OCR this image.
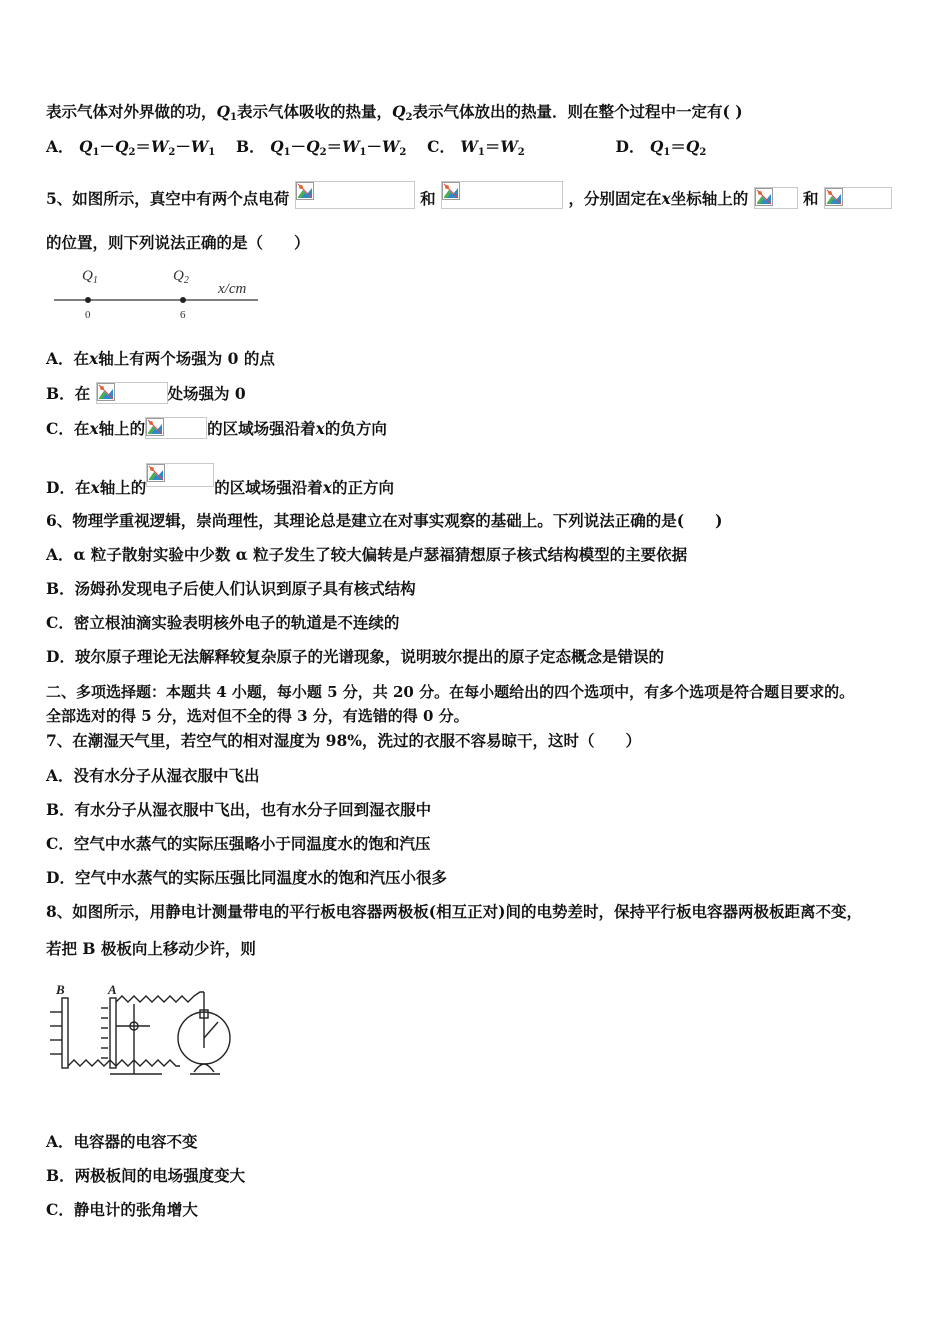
表示气体对外界做的功，$Q_1$表示气体吸收的热量，$Q_2$表示气体放出的热量．则在整个过程中一定有( )
A． $Q_1-Q_2=W_2-W_1$ B． $Q_1-Q_2=W_1-W_2$ C． $W_1=W_2$	D． $Q_1=Q_2$
5、如图所示，真空中有两个点电荷	和	，分别固定在x坐标轴上的	和
的位置，则下列说法正确的是（　　）
$Q_1$	$Q_2$
x/cm
0	6
A．在x轴上有两个场强为 0 的点
B．在	处场强为 0
C．在x轴上的	的区域场强沿着x的负方向
D．在x轴上的	的区域场强沿着x的正方向
6、物理学重视逻辑，崇尚理性，其理论总是建立在对事实观察的基础上。下列说法正确的是(　　)
A．α 粒子散射实验中少数 α 粒子发生了较大偏转是卢瑟福猜想原子核式结构模型的主要依据
B．汤姆孙发现电子后使人们认识到原子具有核式结构
C．密立根油滴实验表明核外电子的轨道是不连续的
D．玻尔原子理论无法解释较复杂原子的光谱现象，说明玻尔提出的原子定态概念是错误的
二、多项选择题：本题共 4 小题，每小题 5 分，共 20 分。在每小题给出的四个选项中，有多个选项是符合题目要求的。
全部选对的得 5 分，选对但不全的得 3 分，有选错的得 0 分。
7、在潮湿天气里，若空气的相对湿度为 98%，洗过的衣服不容易晾干，这时（　　）
A．没有水分子从湿衣服中飞出
B．有水分子从湿衣服中飞出，也有水分子回到湿衣服中
C．空气中水蒸气的实际压强略小于同温度水的饱和汽压
D．空气中水蒸气的实际压强比同温度水的饱和汽压小很多
8、如图所示，用静电计测量带电的平行板电容器两极板(相互正对)间的电势差时，保持平行板电容器两极板距离不变，
若把 B 极板向上移动少许，则
B	A
A．电容器的电容不变
B．两极板间的电场强度变大
C．静电计的张角增大
